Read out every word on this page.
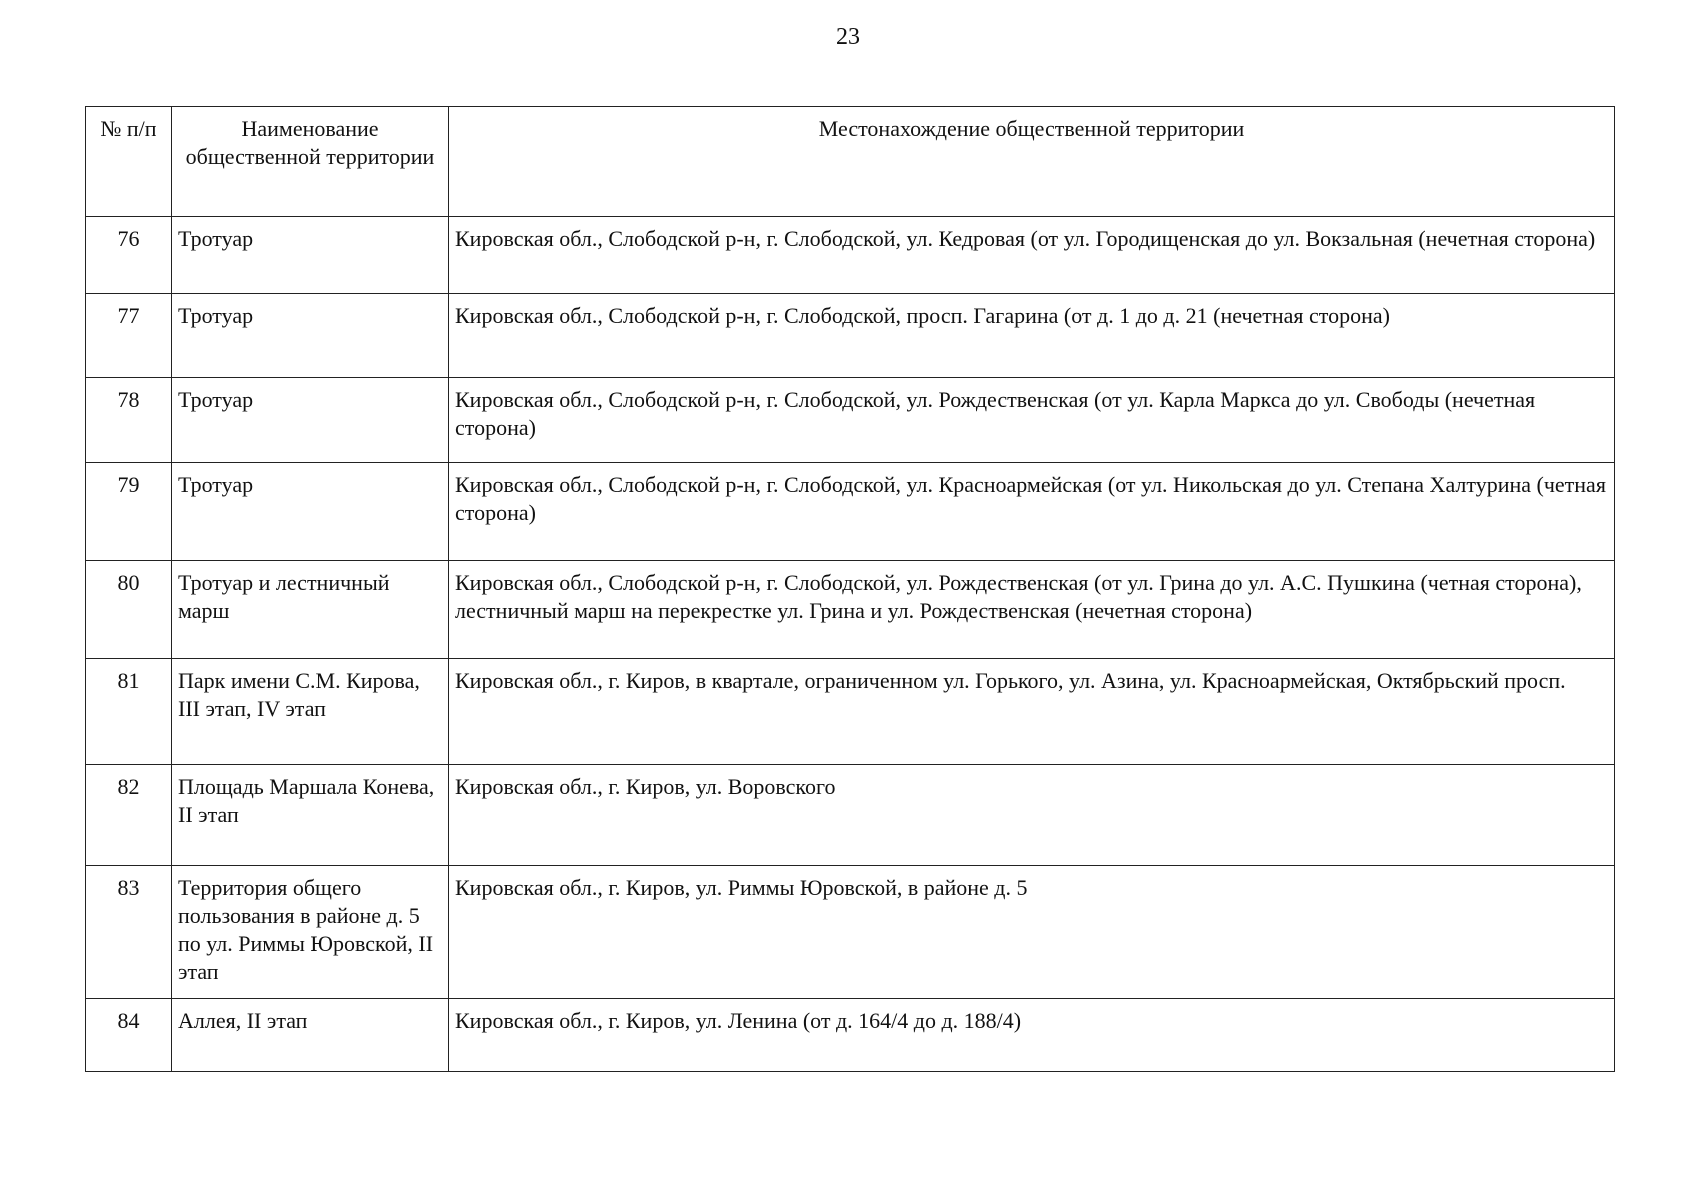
23
№ п/п	Наименование общественной территории	Местонахождение общественной территории
76	Тротуар	Кировская обл., Слободской р-н, г. Слободской, ул. Кедровая (от ул. Городищенская до ул. Вокзальная (нечетная сторона)
77	Тротуар	Кировская обл., Слободской р-н, г. Слободской, просп. Гагарина (от д. 1 до д. 21 (нечетная сторона)
78	Тротуар	Кировская обл., Слободской р-н, г. Слободской, ул. Рождественская (от ул. Карла Маркса до ул. Свободы (нечетная сторона)
79	Тротуар	Кировская обл., Слободской р-н, г. Слободской, ул. Красноармейская (от ул. Никольская до ул. Степана Халтурина (четная сторона)
80	Тротуар и лестничный марш	Кировская обл., Слободской р-н, г. Слободской, ул. Рождественская (от ул. Грина до ул. А.С. Пушкина (четная сторона), лестничный марш на перекрестке ул. Грина и ул. Рождественская (нечетная сторона)
81	Парк имени С.М. Кирова, III этап, IV этап	Кировская обл., г. Киров, в квартале, ограниченном ул. Горького, ул. Азина, ул. Красноармейская, Октябрьский просп.
82	Площадь Маршала Конева, II этап	Кировская обл., г. Киров, ул. Воровского
83	Территория общего пользования в районе д. 5 по ул. Риммы Юровской, II этап	Кировская обл., г. Киров, ул. Риммы Юровской, в районе д. 5
84	Аллея, II этап	Кировская обл., г. Киров, ул. Ленина (от д. 164/4 до д. 188/4)
